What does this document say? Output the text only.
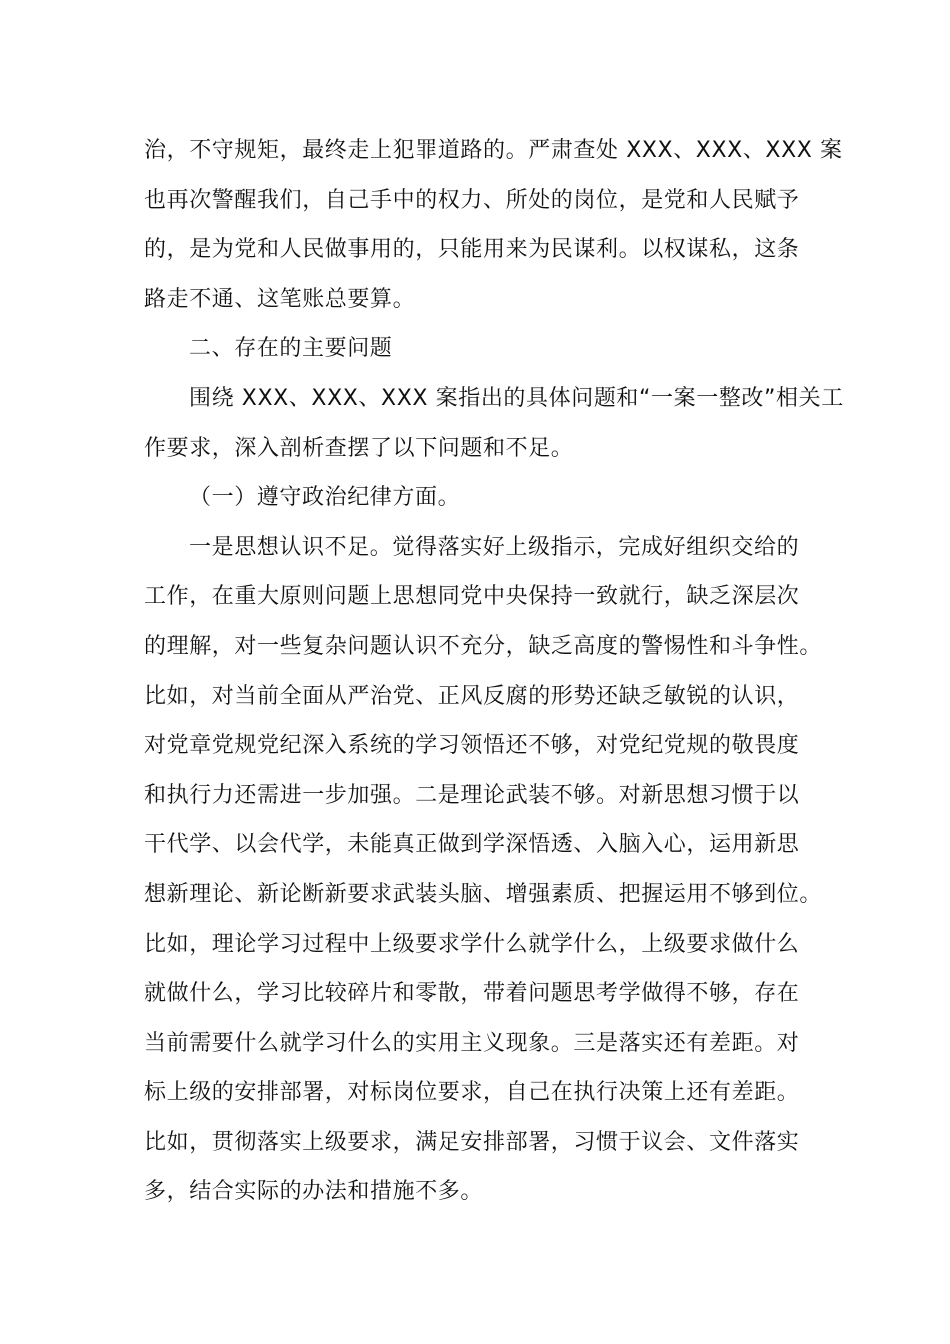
治，不守规矩，最终走上犯罪道路的。严肃查处 XXX、XXX、XXX 案
也再次警醒我们，自己手中的权力、所处的岗位，是党和人民赋予
的，是为党和人民做事用的，只能用来为民谋利。以权谋私，这条
路走不通、这笔账总要算。
二、存在的主要问题
围绕 XXX、XXX、XXX 案指出的具体问题和“一案一整改”相关工
作要求，深入剖析查摆了以下问题和不足。
（一）遵守政治纪律方面。
一是思想认识不足。觉得落实好上级指示，完成好组织交给的
工作，在重大原则问题上思想同党中央保持一致就行，缺乏深层次
的理解，对一些复杂问题认识不充分，缺乏高度的警惕性和斗争性。
比如，对当前全面从严治党、正风反腐的形势还缺乏敏锐的认识，
对党章党规党纪深入系统的学习领悟还不够，对党纪党规的敬畏度
和执行力还需进一步加强。二是理论武装不够。对新思想习惯于以
干代学、以会代学，未能真正做到学深悟透、入脑入心，运用新思
想新理论、新论断新要求武装头脑、增强素质、把握运用不够到位。
比如，理论学习过程中上级要求学什么就学什么，上级要求做什么
就做什么，学习比较碎片和零散，带着问题思考学做得不够，存在
当前需要什么就学习什么的实用主义现象。三是落实还有差距。对
标上级的安排部署，对标岗位要求，自己在执行决策上还有差距。
比如，贯彻落实上级要求，满足安排部署，习惯于议会、文件落实
多，结合实际的办法和措施不多。
